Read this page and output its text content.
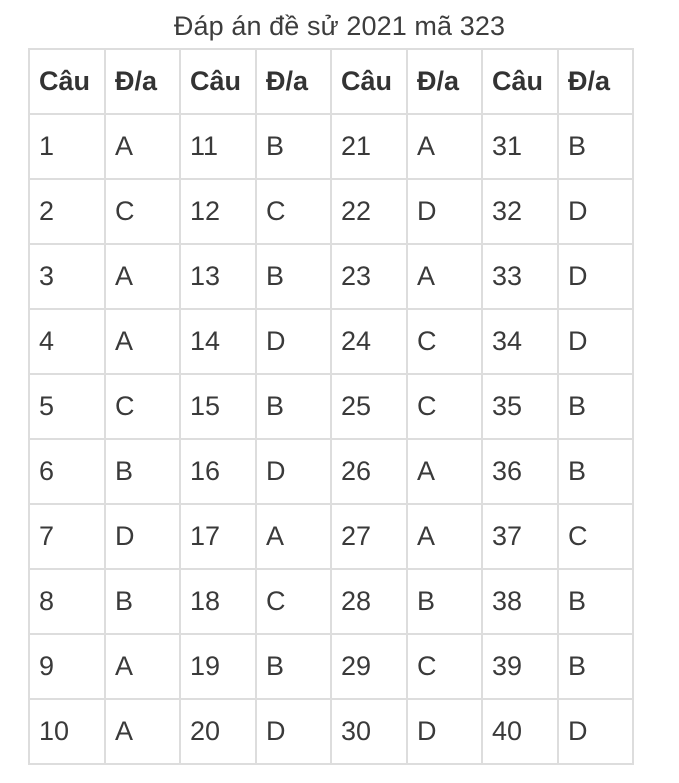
Đáp án đề sử 2021 mã 323
Câu	Đ/a	Câu	Đ/a	Câu	Đ/a	Câu	Đ/a
1	A	11	B	21	A	31	B
2	C	12	C	22	D	32	D
3	A	13	B	23	A	33	D
4	A	14	D	24	C	34	D
5	C	15	B	25	C	35	B
6	B	16	D	26	A	36	B
7	D	17	A	27	A	37	C
8	B	18	C	28	B	38	B
9	A	19	B	29	C	39	B
10	A	20	D	30	D	40	D
